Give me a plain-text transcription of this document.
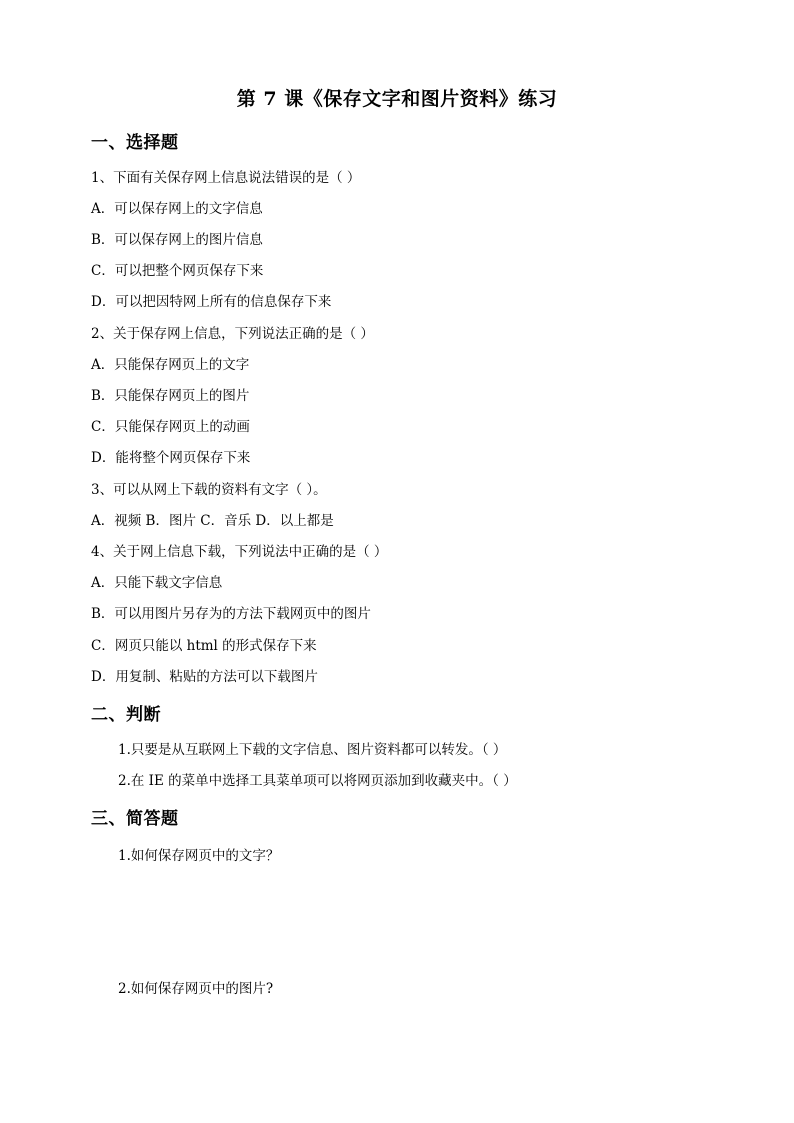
第 7 课《保存文字和图片资料》练习
一、选择题
1、下面有关保存网上信息说法错误的是（ ）
A．可以保存网上的文字信息
B．可以保存网上的图片信息
C．可以把整个网页保存下来
D．可以把因特网上所有的信息保存下来
2、关于保存网上信息，下列说法正确的是（ ）
A．只能保存网页上的文字
B．只能保存网页上的图片
C．只能保存网页上的动画
D．能将整个网页保存下来
3、可以从网上下载的资料有文字（ ）。
A．视频 B．图片 C．音乐 D．以上都是
4、关于网上信息下载，下列说法中正确的是（ ）
A．只能下载文字信息
B．可以用图片另存为的方法下载网页中的图片
C．网页只能以 html 的形式保存下来
D．用复制、粘贴的方法可以下载图片
二、判断
1.只要是从互联网上下载的文字信息、图片资料都可以转发。（ ）
2.在 IE 的菜单中选择工具菜单项可以将网页添加到收藏夹中。（ ）
三、简答题
1.如何保存网页中的文字？
2.如何保存网页中的图片?
